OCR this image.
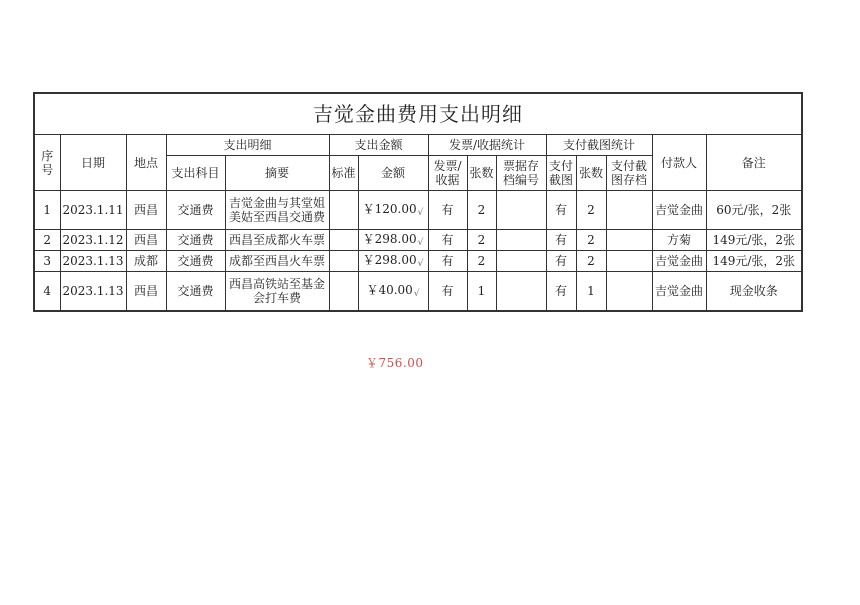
吉觉金曲费用支出明细														
序号	日期	地点	支出明细		支出金额		发票/收据统计			支付截图统计			付款人	备注
			支出科目	摘要	标准	金额	发票/收据	张数	票据存档编号	支付截图	张数	支付截图存档		
1	2023.1.11	西昌	交通费	吉觉金曲与其堂姐美姑至西昌交通费		￥120.00√	有	2		有	2		吉觉金曲	60元/张，2张
2	2023.1.12	西昌	交通费	西昌至成都火车票		￥298.00√	有	2		有	2		方菊	149元/张，2张
3	2023.1.13	成都	交通费	成都至西昌火车票		￥298.00√	有	2		有	2		吉觉金曲	149元/张，2张
4	2023.1.13	西昌	交通费	西昌高铁站至基金会打车费		￥40.00√	有	1		有	1		吉觉金曲	现金收条
￥756.00
